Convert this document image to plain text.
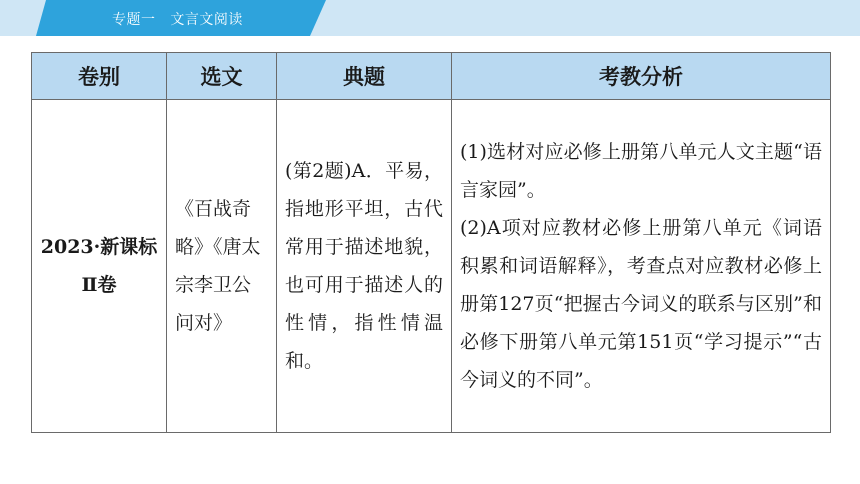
专题一   文言文阅读
卷别	选文	典题	考教分析

2023·新课标Ⅱ卷	《百战奇略》《唐太宗李卫公问对》	(第2题)A．平易，指地形平坦，古代常用于描述地貌，也可用于描述人的性情，指性情温和。	(1)选材对应必修上册第八单元人文主题“语言家园”。

(2)A项对应教材必修上册第八单元《词语积累和词语解释》，考查点对应教材必修上册第127页“把握古今词义的联系与区别”和必修下册第八单元第151页“学习提示”“古今词义的不同”。
